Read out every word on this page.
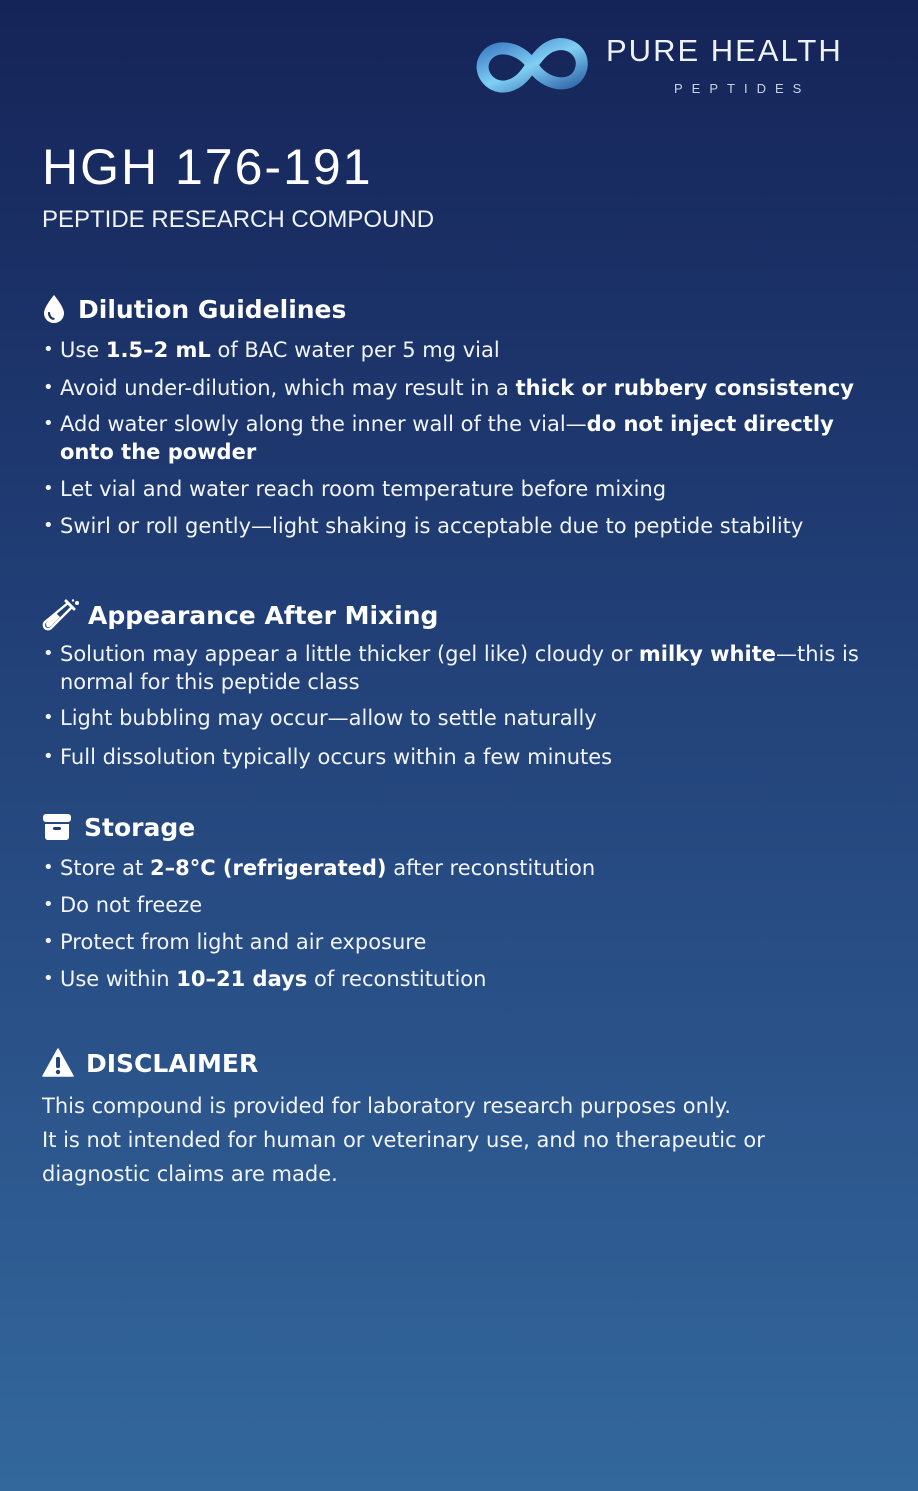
PURE HEALTH
PEPTIDES
HGH 176-191
PEPTIDE RESEARCH COMPOUND
Dilution Guidelines
• Use 1.5–2 mL of BAC water per 5 mg vial
• Avoid under-dilution, which may result in a thick or rubbery consistency
• Add water slowly along the inner wall of the vial—do not inject directly onto the powder
• Let vial and water reach room temperature before mixing
• Swirl or roll gently—light shaking is acceptable due to peptide stability
Appearance After Mixing
• Solution may appear a little thicker (gel like) cloudy or milky white—this is normal for this peptide class
• Light bubbling may occur—allow to settle naturally
• Full dissolution typically occurs within a few minutes
Storage
• Store at 2–8°C (refrigerated) after reconstitution
• Do not freeze
• Protect from light and air exposure
• Use within 10–21 days of reconstitution
DISCLAIMER

This compound is provided for laboratory research purposes only.

It is not intended for human or veterinary use, and no therapeutic or diagnostic claims are made.
